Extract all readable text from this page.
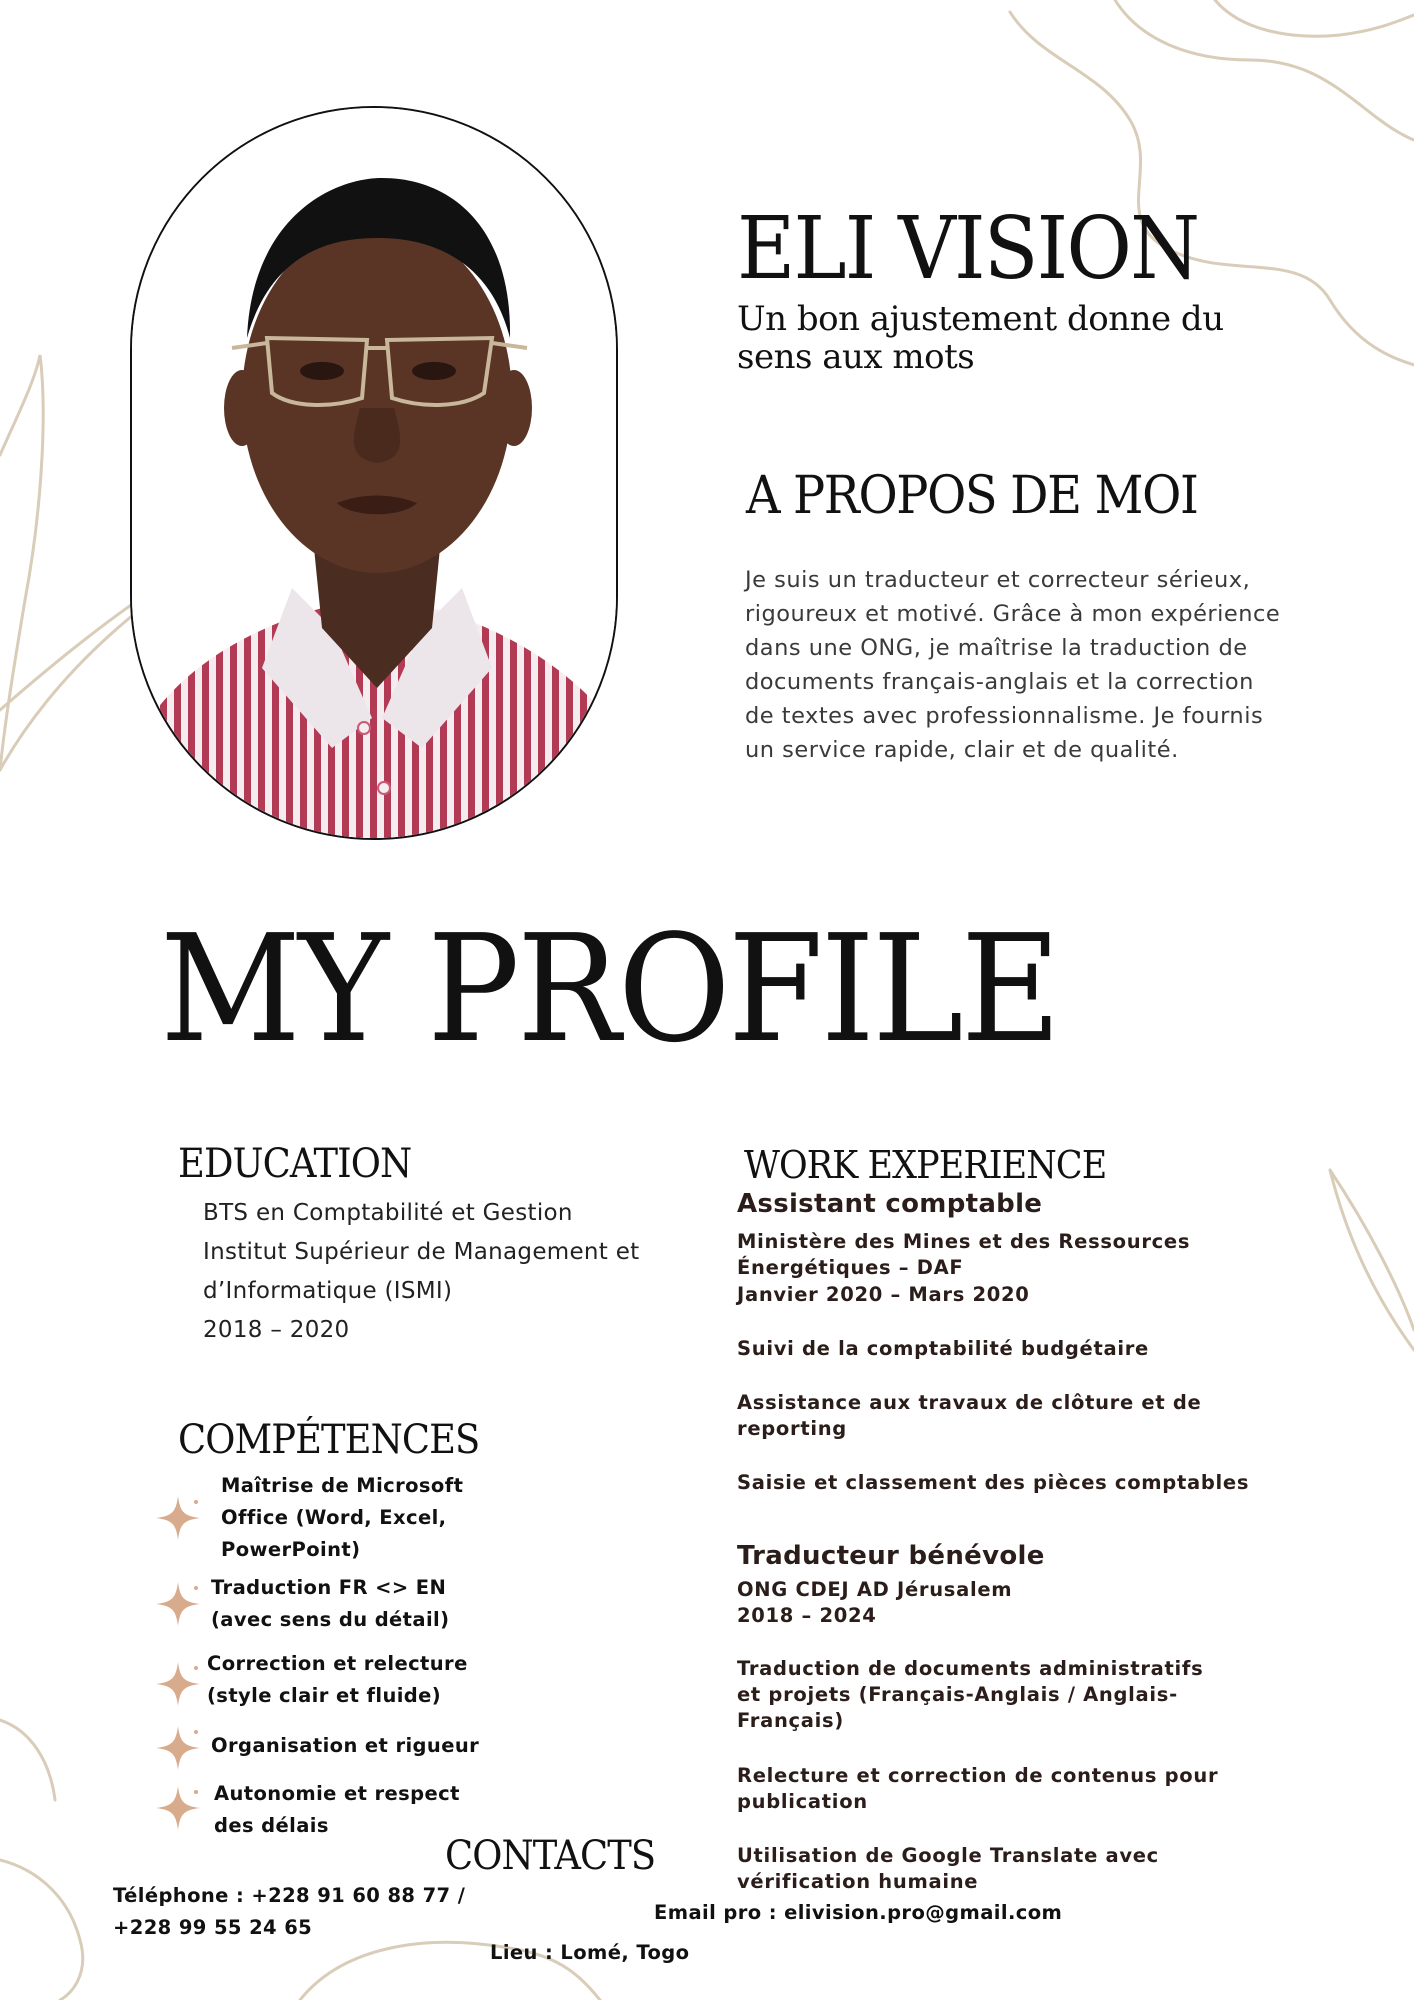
ELI VISION
Un bon ajustement donne du sens aux mots
A PROPOS DE MOI
Je suis un traducteur et correcteur sérieux, rigoureux et motivé. Grâce à mon expérience dans une ONG, je maîtrise la traduction de documents français-anglais et la correction de textes avec professionnalisme. Je fournis un service rapide, clair et de qualité.
MY PROFILE
EDUCATION
BTS en Comptabilité et Gestion
Institut Supérieur de Management et d’Informatique (ISMI)
2018 – 2020
COMPÉTENCES
Maîtrise de Microsoft Office (Word, Excel, PowerPoint)
Traduction FR <> EN (avec sens du détail)
Correction et relecture (style clair et fluide)
Organisation et rigueur
Autonomie et respect des délais
WORK EXPERIENCE
Assistant comptable
Ministère des Mines et des Ressources Énergétiques – DAF
Janvier 2020 – Mars 2020
Suivi de la comptabilité budgétaire
Assistance aux travaux de clôture et de reporting
Saisie et classement des pièces comptables
Traducteur bénévole
ONG CDEJ AD Jérusalem
2018 – 2024
Traduction de documents administratifs et projets (Français-Anglais / Anglais-Français)
Relecture et correction de contenus pour publication
Utilisation de Google Translate avec vérification humaine
CONTACTS
Téléphone : +228 91 60 88 77 / +228 99 55 24 65
Email pro : elivision.pro@gmail.com
Lieu : Lomé, Togo
